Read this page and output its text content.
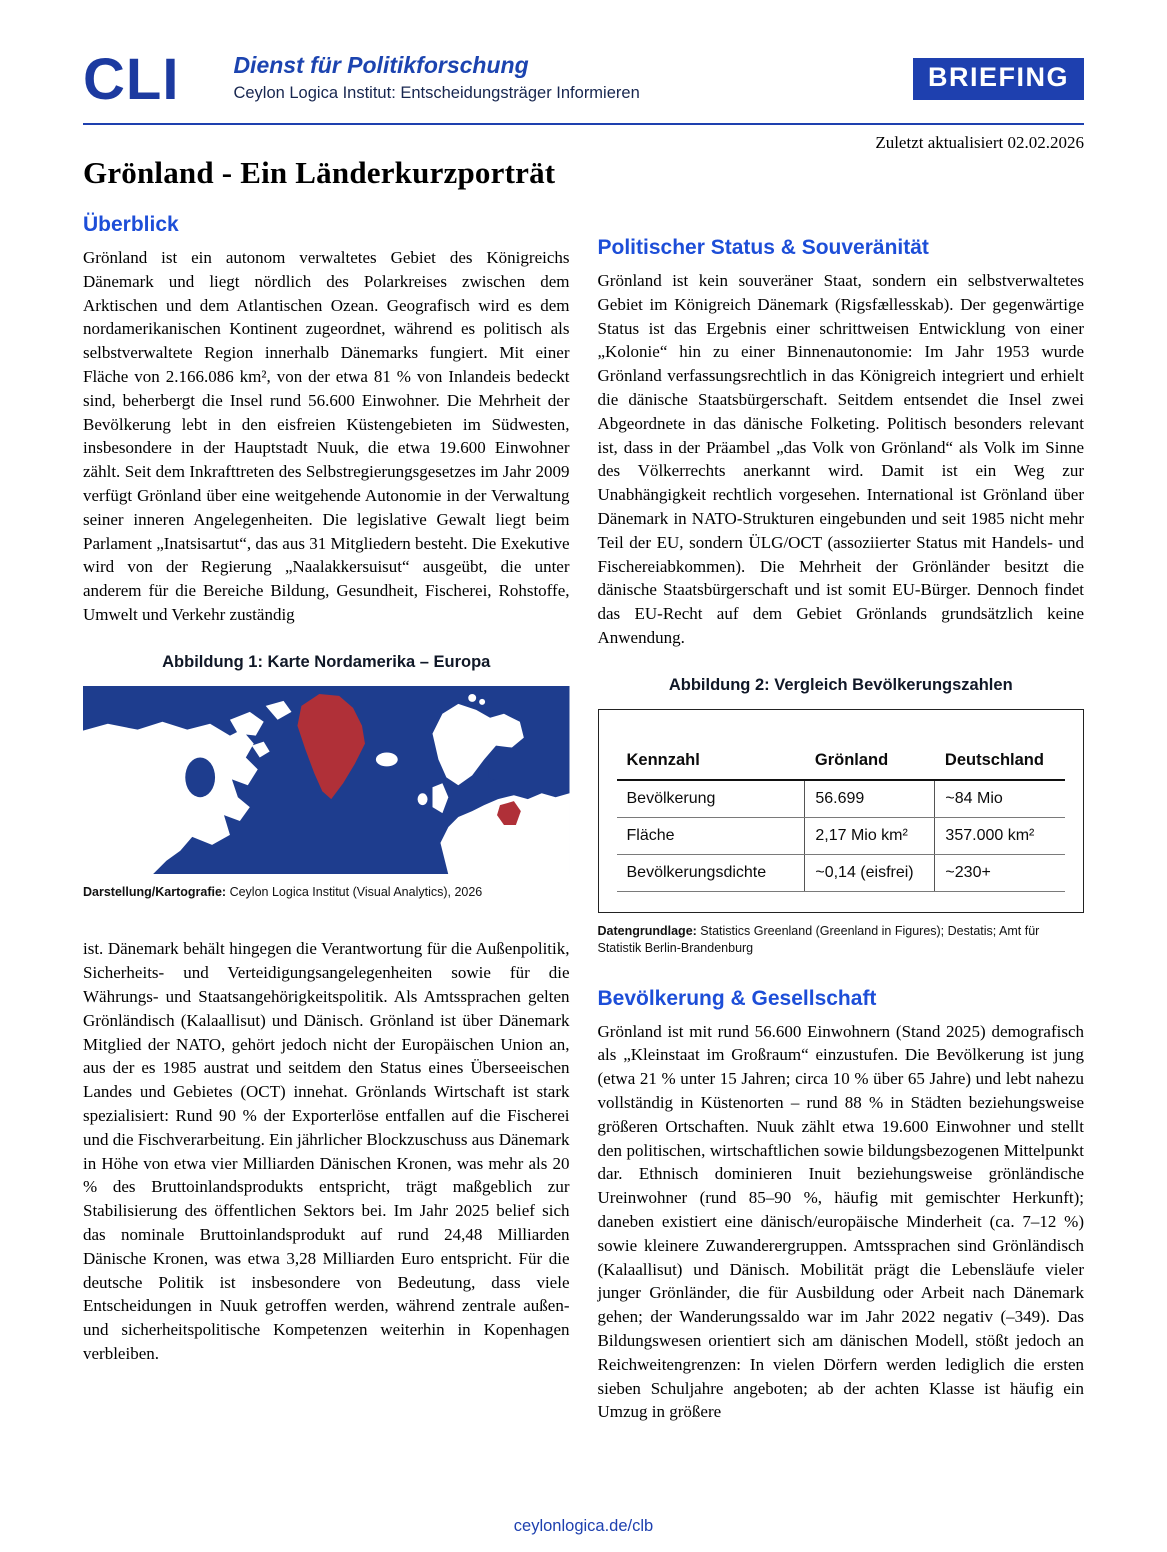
CLI Dienst für Politikforschung
Ceylon Logica Institut: Entscheidungsträger Informieren
BRIEFING
Zuletzt aktualisiert 02.02.2026
Grönland - Ein Länderkurzporträt
Überblick

Grönland ist ein autonom verwaltetes Gebiet des Königreichs Dänemark und liegt nördlich des Polarkreises zwischen dem Arktischen und dem Atlantischen Ozean. Geografisch wird es dem nordamerikanischen Kontinent zugeordnet, während es politisch als selbstverwaltete Region innerhalb Dänemarks fungiert. Mit einer Fläche von 2.166.086 km², von der etwa 81 % von Inlandeis bedeckt sind, beherbergt die Insel rund 56.600 Einwohner. Die Mehrheit der Bevölkerung lebt in den eisfreien Küstengebieten im Südwesten, insbesondere in der Hauptstadt Nuuk, die etwa 19.600 Einwohner zählt. Seit dem Inkrafttreten des Selbstregierungsgesetzes im Jahr 2009 verfügt Grönland über eine weitgehende Autonomie in der Verwaltung seiner inneren Angelegenheiten. Die legislative Gewalt liegt beim Parlament „Inatsisartut“, das aus 31 Mitgliedern besteht. Die Exekutive wird von der Regierung „Naalakkersuisut“ ausgeübt, die unter anderem für die Bereiche Bildung, Gesundheit, Fischerei, Rohstoffe, Umwelt und Verkehr zuständig

Abbildung 1: Karte Nordamerika – Europa
Darstellung/Kartografie: Ceylon Logica Institut (Visual Analytics), 2026

ist. Dänemark behält hingegen die Verantwortung für die Außenpolitik, Sicherheits- und Verteidigungsangelegenheiten sowie für die Währungs- und Staatsangehörigkeitspolitik. Als Amtssprachen gelten Grönländisch (Kalaallisut) und Dänisch. Grönland ist über Dänemark Mitglied der NATO, gehört jedoch nicht der Europäischen Union an, aus der es 1985 austrat und seitdem den Status eines Überseeischen Landes und Gebietes (OCT) innehat. Grönlands Wirtschaft ist stark spezialisiert: Rund 90 % der Exporterlöse entfallen auf die Fischerei und die Fischverarbeitung. Ein jährlicher Blockzuschuss aus Dänemark in Höhe von etwa vier Milliarden Dänischen Kronen, was mehr als 20 % des Bruttoinlandsprodukts entspricht, trägt maßgeblich zur Stabilisierung des öffentlichen Sektors bei. Im Jahr 2025 belief sich das nominale Bruttoinlandsprodukt auf rund 24,48 Milliarden Dänische Kronen, was etwa 3,28 Milliarden Euro entspricht. Für die deutsche Politik ist insbesondere von Bedeutung, dass viele Entscheidungen in Nuuk getroffen werden, während zentrale außen- und sicherheitspolitische Kompetenzen weiterhin in Kopenhagen verbleiben.

Politischer Status & Souveränität

Grönland ist kein souveräner Staat, sondern ein selbstverwaltetes Gebiet im Königreich Dänemark (Rigsfællesskab). Der gegenwärtige Status ist das Ergebnis einer schrittweisen Entwicklung von einer „Kolonie“ hin zu einer Binnenautonomie: Im Jahr 1953 wurde Grönland verfassungsrechtlich in das Königreich integriert und erhielt die dänische Staatsbürgerschaft. Seitdem entsendet die Insel zwei Abgeordnete in das dänische Folketing. Politisch besonders relevant ist, dass in der Präambel „das Volk von Grönland“ als Volk im Sinne des Völkerrechts anerkannt wird. Damit ist ein Weg zur Unabhängigkeit rechtlich vorgesehen. International ist Grönland über Dänemark in NATO-Strukturen eingebunden und seit 1985 nicht mehr Teil der EU, sondern ÜLG/OCT (assoziierter Status mit Handels- und Fischereiabkommen). Die Mehrheit der Grönländer besitzt die dänische Staatsbürgerschaft und ist somit EU-Bürger. Dennoch findet das EU-Recht auf dem Gebiet Grönlands grundsätzlich keine Anwendung.

Abbildung 2: Vergleich Bevölkerungszahlen
Kennzahl	Grönland	Deutschland
Bevölkerung	56.699	~84 Mio
Fläche	2,17 Mio km²	357.000 km²
Bevölkerungsdichte	~0,14 (eisfrei)	~230+
Datengrundlage: Statistics Greenland (Greenland in Figures); Destatis; Amt für Statistik Berlin-Brandenburg
Bevölkerung & Gesellschaft

Grönland ist mit rund 56.600 Einwohnern (Stand 2025) demografisch als „Kleinstaat im Großraum“ einzustufen. Die Bevölkerung ist jung (etwa 21 % unter 15 Jahren; circa 10 % über 65 Jahre) und lebt nahezu vollständig in Küstenorten – rund 88 % in Städten beziehungsweise größeren Ortschaften. Nuuk zählt etwa 19.600 Einwohner und stellt den politischen, wirtschaftlichen sowie bildungsbezogenen Mittelpunkt dar. Ethnisch dominieren Inuit beziehungsweise grönländische Ureinwohner (rund 85–90 %, häufig mit gemischter Herkunft); daneben existiert eine dänisch/europäische Minderheit (ca. 7–12 %) sowie kleinere Zuwanderergruppen. Amtssprachen sind Grönländisch (Kalaallisut) und Dänisch. Mobilität prägt die Lebensläufe vieler junger Grönländer, die für Ausbildung oder Arbeit nach Dänemark gehen; der Wanderungssaldo war im Jahr 2022 negativ (–349). Das Bildungswesen orientiert sich am dänischen Modell, stößt jedoch an Reichweitengrenzen: In vielen Dörfern werden lediglich die ersten sieben Schuljahre angeboten; ab der achten Klasse ist häufig ein Umzug in größere

ceylonlogica.de/clb
